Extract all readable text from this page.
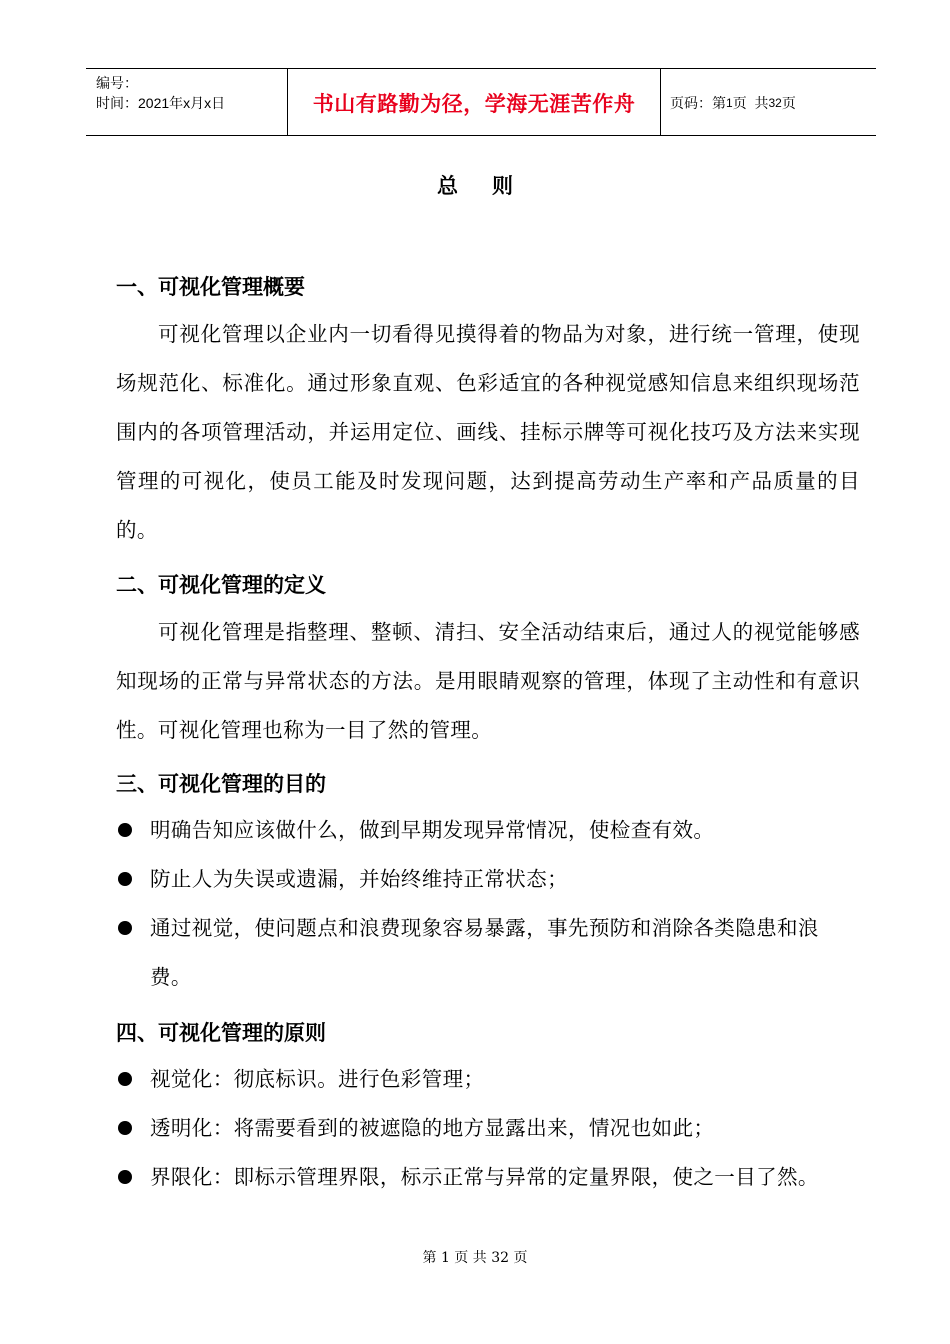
编号：
时间：2021年x月x日	书山有路勤为径，学海无涯苦作舟	页码：第 1 页  共 32 页
总 则
一、可视化管理概要
可视化管理以企业内一切看得见摸得着的物品为对象，进行统一管理，使现场规范化、标准化。通过形象直观、色彩适宜的各种视觉感知信息来组织现场范围内的各项管理活动，并运用定位、画线、挂标示牌等可视化技巧及方法来实现管理的可视化，使员工能及时发现问题，达到提高劳动生产率和产品质量的目的。
二、可视化管理的定义
可视化管理是指整理、整顿、清扫、安全活动结束后，通过人的视觉能够感知现场的正常与异常状态的方法。是用眼睛观察的管理，体现了主动性和有意识性。可视化管理也称为一目了然的管理。
三、可视化管理的目的
明确告知应该做什么，做到早期发现异常情况，使检查有效。
防止人为失误或遗漏，并始终维持正常状态；
通过视觉，使问题点和浪费现象容易暴露，事先预防和消除各类隐患和浪费。
四、可视化管理的原则
视觉化：彻底标识。进行色彩管理；
透明化：将需要看到的被遮隐的地方显露出来，情况也如此；
界限化：即标示管理界限，标示正常与异常的定量界限，使之一目了然。
第 1 页 共 32 页
